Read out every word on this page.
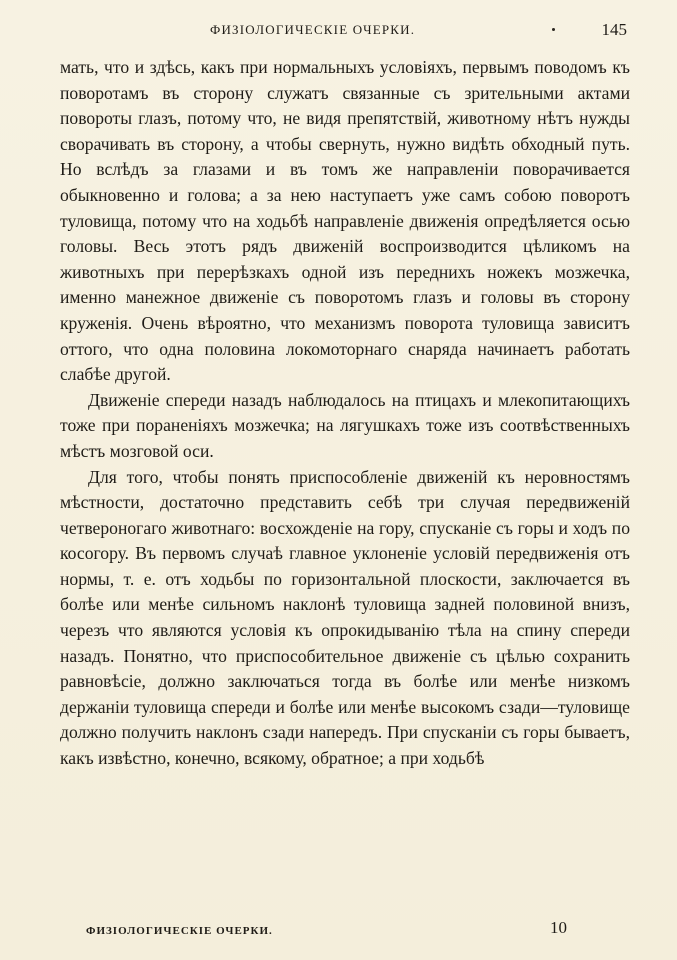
ФИЗIОЛОГИЧЕСКIЕ ОЧЕРКИ.	145

мать, что и здѣсь, какъ при нормальныхъ условiяхъ, первымъ поводомъ къ поворотамъ въ сторону служатъ связанные съ зрительными актами повороты глазъ, потому что, не видя препятствiй, животному нѣтъ нужды сворачивать въ сторону, а чтобы свернуть, нужно видѣть обходный путь. Но вслѣдъ за глазами и въ томъ же направленiи поворачивается обыкновенно и голова; а за нею наступаетъ уже самъ собою поворотъ туловища, потому что на ходьбѣ направленiе движенiя опредѣляется осью головы. Весь этотъ рядъ движенiй воспроизводится цѣликомъ на животныхъ при перерѣзкахъ одной изъ переднихъ ножекъ мозжечка, именно манежное движенiе съ поворотомъ глазъ и головы въ сторону круженiя. Очень вѣроятно, что механизмъ поворота туловища зависитъ оттого, что одна половина локомоторнаго снаряда начинаетъ работать слабѣе другой.

Движенiе спереди назадъ наблюдалось на птицахъ и млекопитающихъ тоже при пораненiяхъ мозжечка; на лягушкахъ тоже изъ соотвѣственныхъ мѣстъ мозговой оси.

Для того, чтобы понять приспособленiе движенiй къ неровностямъ мѣстности, достаточно представить себѣ три случая передвиженiй четвероногаго животнаго: восхожденiе на гору, спусканiе съ горы и ходъ по косогору. Въ первомъ случаѣ главное уклоненiе условiй передвиженiя отъ нормы, т. е. отъ ходьбы по горизонтальной плоскости, заключается въ болѣе или менѣе сильномъ наклонѣ туловища задней половиной внизъ, черезъ что являются условiя къ опрокидыванiю тѣла на спину спереди назадъ. Понятно, что приспособительное движенiе съ цѣлью сохранить равновѣсiе, должно заключаться тогда въ болѣе или менѣе низкомъ держанiи туловища спереди и болѣе или менѣе высокомъ сзади—туловище должно получить наклонъ сзади напередъ. При спусканiи съ горы бываетъ, какъ извѣстно, конечно, всякому, обратное; а при ходьбѣ

ФИЗIОЛОГИЧЕСКIЕ ОЧЕРКИ.	10
